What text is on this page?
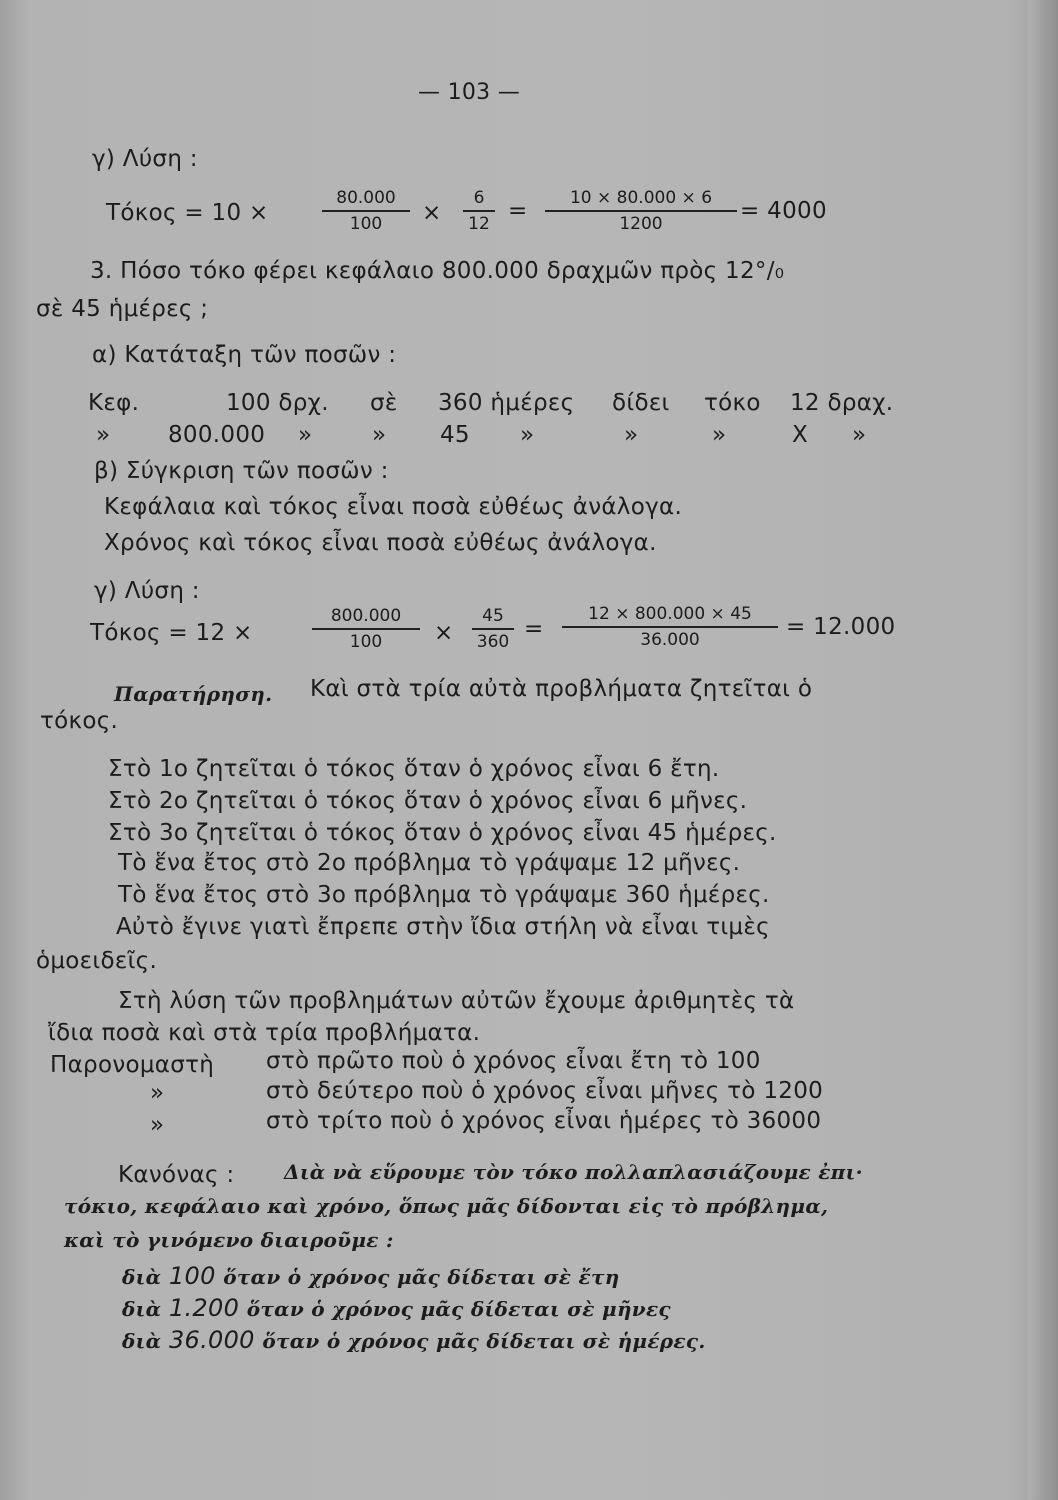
— 103 —
γ) Λύση :
Τόκος = 10 ×
80.000
100	×
6
12 =	10 × 80.000 × 6
1200	= 4000
3. Πόσο τόκο φέρει κεφάλαιο 800.000 δραχμῶν πρὸς 12°/₀
σὲ 45 ἡμέρες ;
α) Κατάταξη τῶν ποσῶν :
Κεφ.	100 δρχ. σὲ 360 ἡμέρες δίδει τόκο 12 δραχ.
»	800.000 »	» 45 »	»	»	X »
β) Σύγκριση τῶν ποσῶν :
Κεφάλαια καὶ τόκος εἶναι ποσὰ εὐθέως ἀνάλογα.
Χρόνος καὶ τόκος εἶναι ποσὰ εὐθέως ἀνάλογα.
γ) Λύση :
Τόκος = 12 ×
800.000
100	×
45
360 =
12 × 800.000 × 45
36.000	= 12.000
Παρατήρηση. Καὶ στὰ τρία αὐτὰ προβλήματα ζητεῖται ὁ
τόκος.
Στὸ 1ο ζητεῖται ὁ τόκος ὅταν ὁ χρόνος εἶναι 6 ἔτη.
Στὸ 2ο ζητεῖται ὁ τόκος ὅταν ὁ χρόνος εἶναι 6 μῆνες.
Στὸ 3ο ζητεῖται ὁ τόκος ὅταν ὁ χρόνος εἶναι 45 ἡμέρες.
Τὸ ἕνα ἔτος στὸ 2ο πρόβλημα τὸ γράψαμε 12 μῆνες.
Τὸ ἕνα ἔτος στὸ 3ο πρόβλημα τὸ γράψαμε 360 ἡμέρες.
Αὐτὸ ἔγινε γιατὶ ἔπρεπε στὴν ἴδια στήλη νὰ εἶναι τιμὲς
ὁμοειδεῖς.
Στὴ λύση τῶν προβλημάτων αὐτῶν ἔχουμε ἀριθμητὲς τὰ
ἴδια ποσὰ καὶ στὰ τρία προβλήματα.
Παρονομαστὴ στὸ πρῶτο ποὺ ὁ χρόνος εἶναι ἔτη τὸ 100
»	στὸ δεύτερο ποὺ ὁ χρόνος εἶναι μῆνες τὸ 1200
»	στὸ τρίτο ποὺ ὁ χρόνος εἶναι ἡμέρες τὸ 36000
Κανόνας : Διὰ νὰ εὕρουμε τὸν τόκο πολλαπλασιάζουμε ἐπι·
τόκιο, κεφάλαιο καὶ χρόνο, ὅπως μᾶς δίδονται εἰς τὸ πρόβλημα,
καὶ τὸ γινόμενο διαιροῦμε :
διὰ 100 ὅταν ὁ χρόνος μᾶς δίδεται σὲ ἔτη
διὰ 1.200 ὅταν ὁ χρόνος μᾶς δίδεται σὲ μῆνες
διὰ 36.000 ὅταν ὁ χρόνος μᾶς δίδεται σὲ ἡμέρες.
